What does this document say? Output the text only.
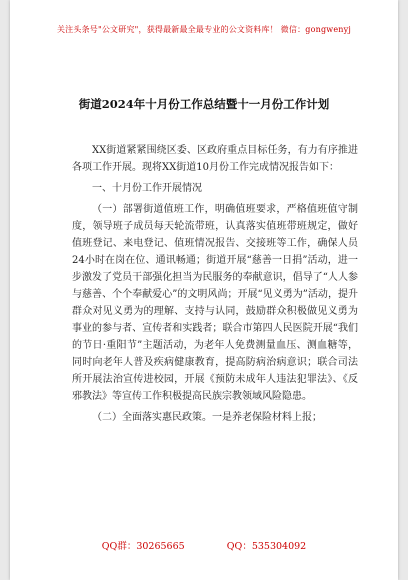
关注头条号"公文研究"，获得最新最全最专业的公文资料库！ 微信：gongwenyj
街道2024年十月份工作总结暨十一月份工作计划

XX街道紧紧围绕区委、区政府重点目标任务，有力有序推进各项工作开展。现将XX街道10月份工作完成情况报告如下：

一、十月份工作开展情况

（一）部署街道值班工作，明确值班要求，严格值班值守制度，领导班子成员每天轮流带班，认真落实值班带班规定，做好值班登记、来电登记、值班情况报告、交接班等工作，确保人员24小时在岗在位、通讯畅通；街道开展“慈善一日捐”活动，进一步激发了党员干部强化担当为民服务的奉献意识，倡导了“人人参与慈善、个个奉献爱心”的文明风尚；开展“见义勇为”活动，提升群众对见义勇为的理解、支持与认同，鼓励群众积极做见义勇为事业的参与者、宣传者和实践者；联合市第四人民医院开展“我们的节日·重阳节”主题活动，为老年人免费测量血压、测血糖等，同时向老年人普及疾病健康教育，提高防病治病意识；联合司法所开展法治宣传进校园，开展《预防未成年人违法犯罪法》、《反邪教法》等宣传工作积极提高民族宗教领域风险隐患。

（二）全面落实惠民政策。一是养老保险材料上报；

QQ群：30265665	QQ：535304092
